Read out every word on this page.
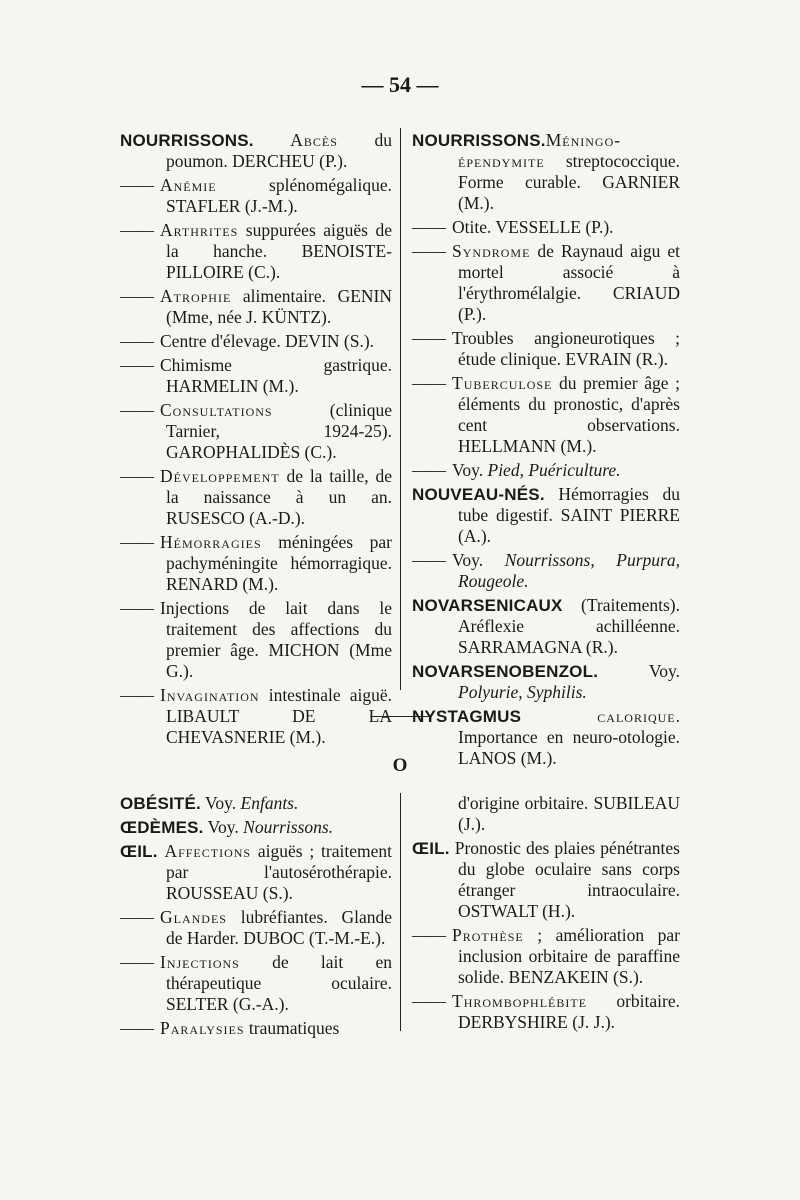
— 54 —

NOURRISSONS. Abcès du poumon. DERCHEU (P.).

—— Anémie splénomégalique. STAFLER (J.-M.).

—— Arthrites suppurées aiguës de la hanche. BENOISTE-PILLOIRE (C.).

—— Atrophie alimentaire. GENIN (Mme, née J. KÜNTZ).

—— Centre d'élevage. DEVIN (S.).

—— Chimisme gastrique. HARMELIN (M.).

—— Consultations (clinique Tarnier, 1924-25). GAROPHALIDÈS (C.).

—— Développement de la taille, de la naissance à un an. RUSESCO (A.-D.).

—— Hémorragies méningées par pachyméningite hémorragique. RENARD (M.).

—— Injections de lait dans le traitement des affections du premier âge. MICHON (Mme G.).

—— Invagination intestinale aiguë. LIBAULT DE LA CHEVASNERIE (M.).

NOURRISSONS.Méningo-épendymite streptococcique. Forme curable. GARNIER (M.).

—— Otite. VESSELLE (P.).

—— Syndrome de Raynaud aigu et mortel associé à l'érythromélalgie. CRIAUD (P.).

—— Troubles angioneurotiques ; étude clinique. EVRAIN (R.).

—— Tuberculose du premier âge ; éléments du pronostic, d'après cent observations. HELLMANN (M.).

—— Voy. Pied, Puériculture.

NOUVEAU-NÉS. Hémorragies du tube digestif. SAINT PIERRE (A.).

—— Voy. Nourrissons, Purpura, Rougeole.

NOVARSENICAUX (Traitements). Aréflexie achilléenne. SARRAMAGNA (R.).

NOVARSENOBENZOL. Voy. Polyurie, Syphilis.

NYSTAGMUS	calorique. Importance en neuro-otologie. LANOS (M.).

O

OBÉSITÉ. Voy. Enfants.

ŒDÈMES. Voy. Nourrissons.

ŒIL. Affections aiguës ; traitement par l'autosérothérapie. ROUSSEAU (S.).

—— Glandes lubréfiantes. Glande de Harder. DUBOC (T.-M.-E.).

—— Injections de lait en thérapeutique oculaire. SELTER (G.-A.).

—— Paralysies traumatiques

d'origine orbitaire. SUBILEAU (J.).

ŒIL. Pronostic des plaies pénétrantes du globe oculaire sans corps étranger intraoculaire. OSTWALT (H.).

—— Prothèse ; amélioration par inclusion orbitaire de paraffine solide. BENZAKEIN (S.).

—— Thrombophlébite orbitaire. DERBYSHIRE (J. J.).
